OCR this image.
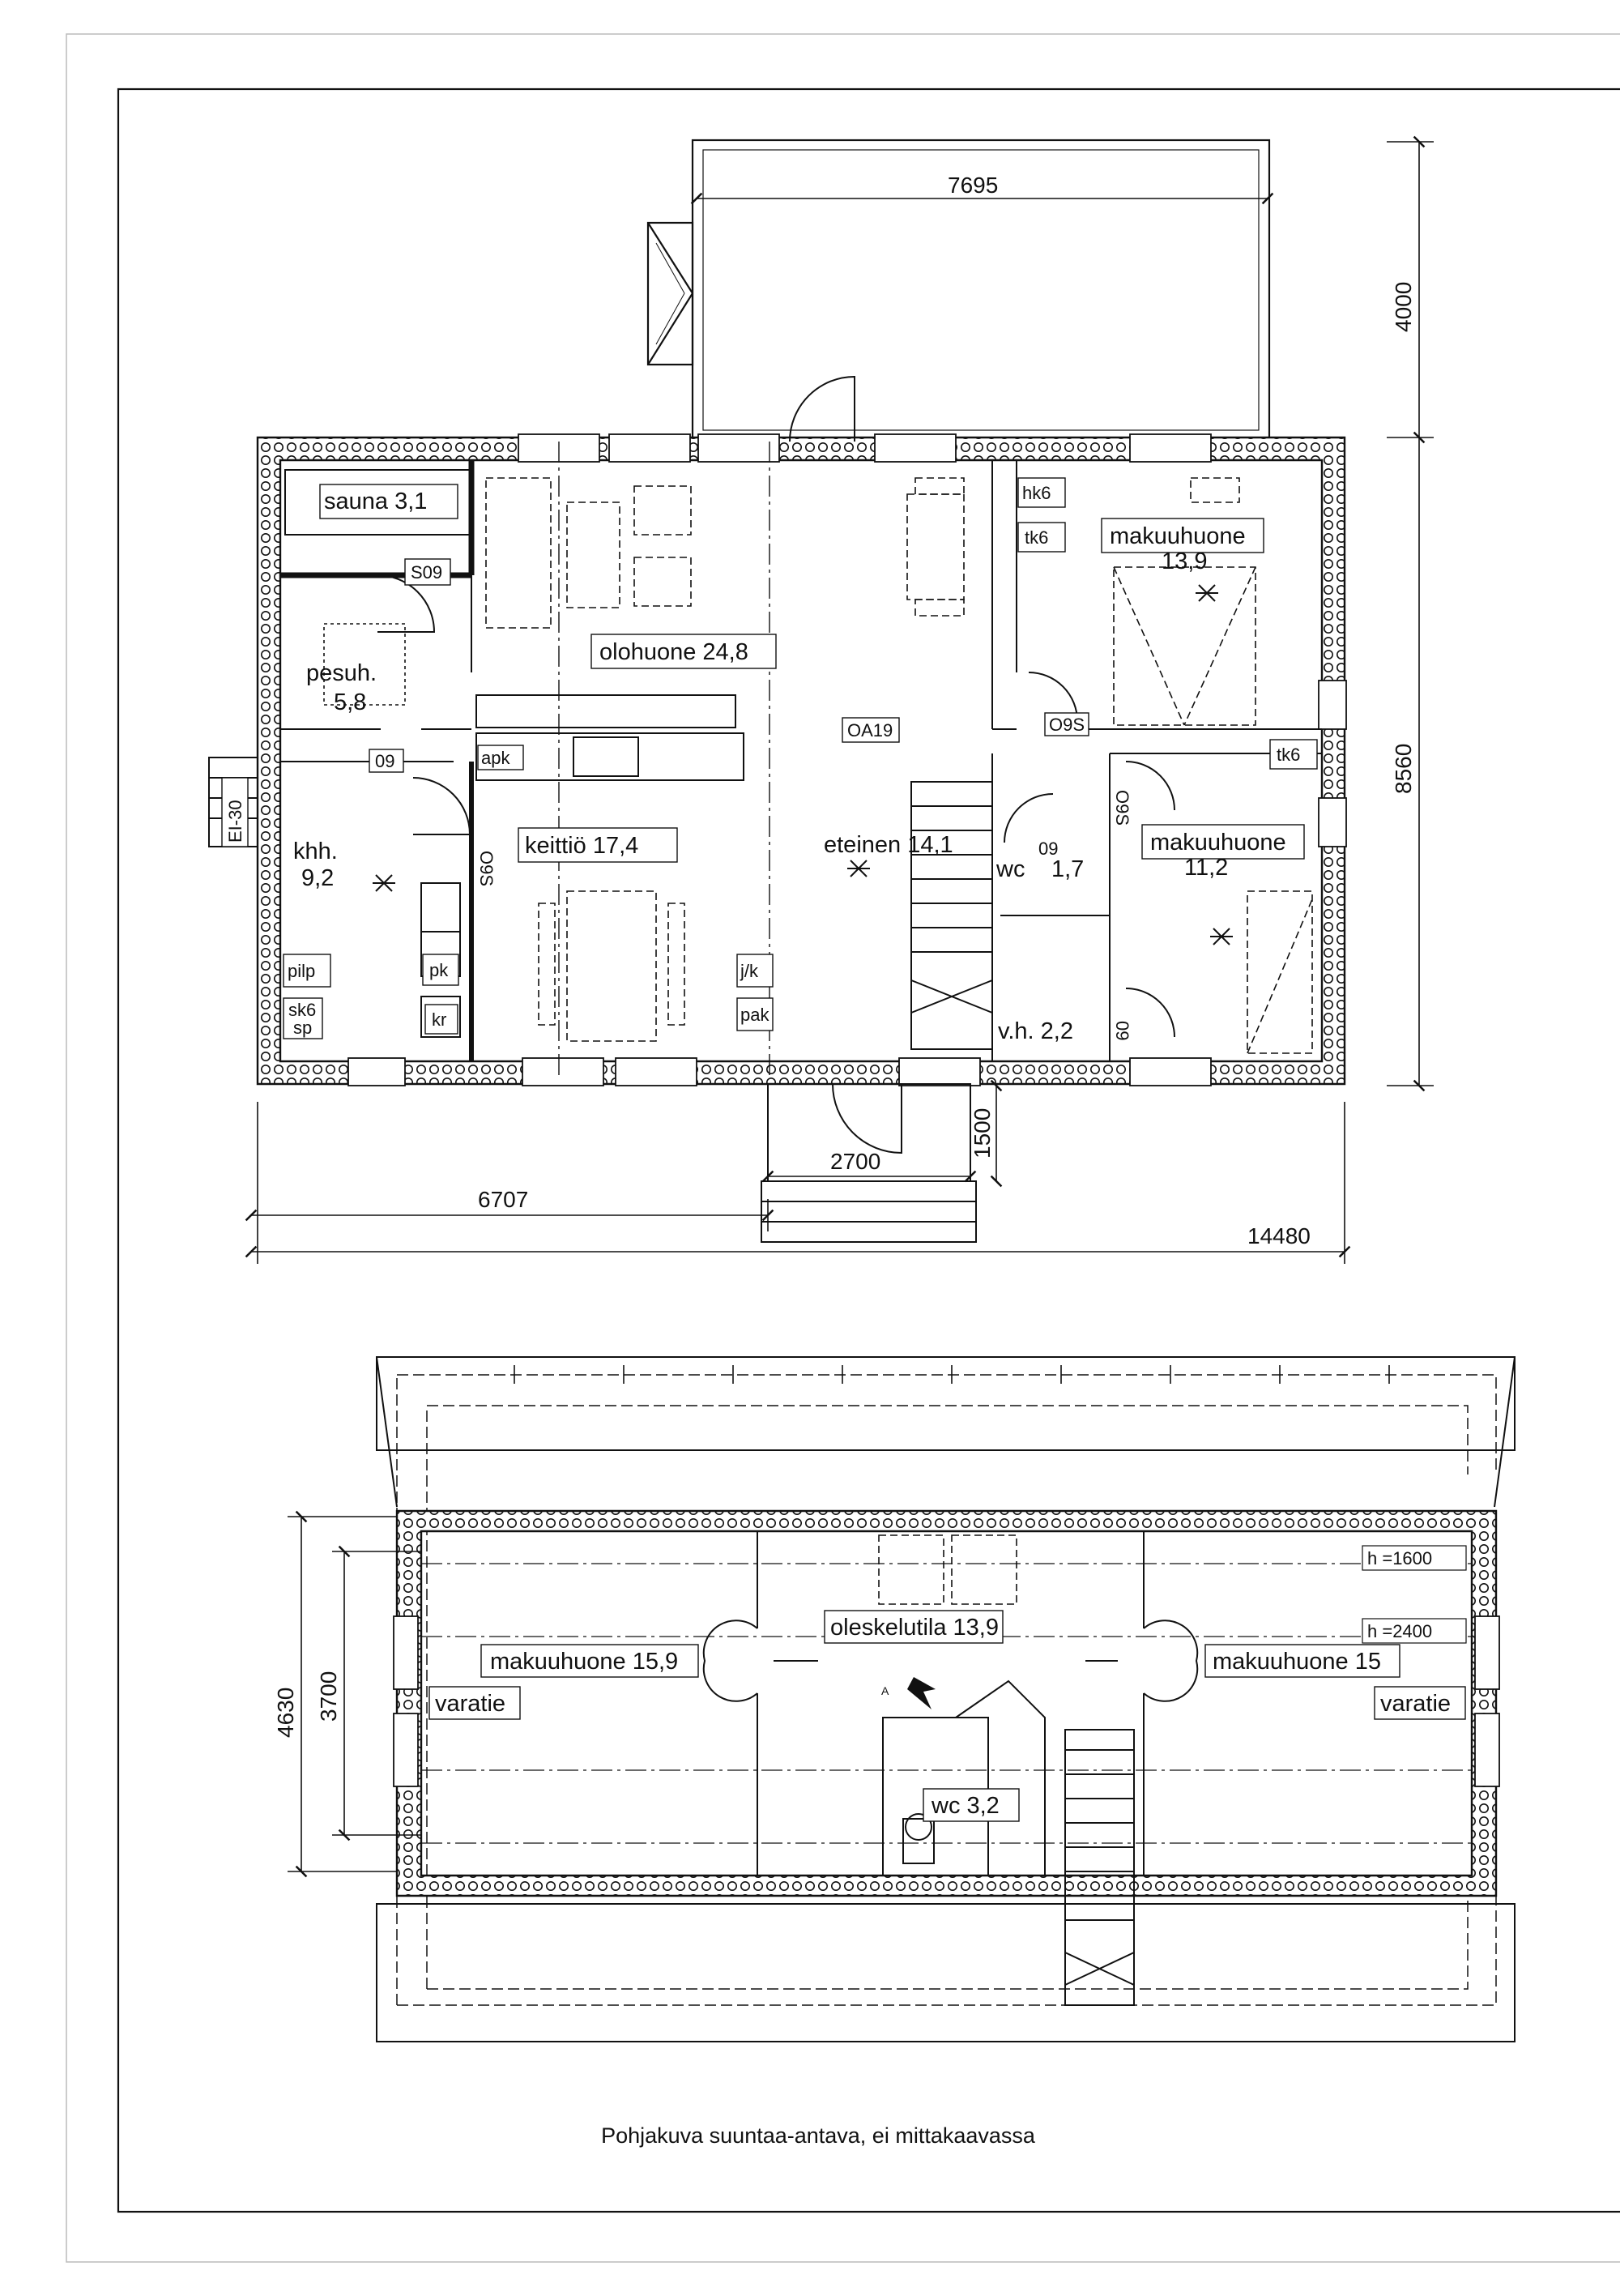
sauna 3,1
pesuh.
5,8
khh.
9,2
olohuone 24,8
keittiö 17,4	eteinen 14,1
makuuhuone
13,9
makuuhuone
11,2
wc 1,7
v.h. 2,2
hk6
tk6
tk6
S09
09
O9S
OA19
apk
pilp
sk6
sp
pk
kr
j/k
pak
EI-30
O9S
O9S
09
09
7695
4000
8560
2700
1500
6707
14480
A
oleskelutila 13,9
makuuhuone 15,9	makuuhuone 15
varatie	varatie
wc 3,2
h =1600
h =2400
4630 3700
Pohjakuva suuntaa-antava, ei mittakaavassa
